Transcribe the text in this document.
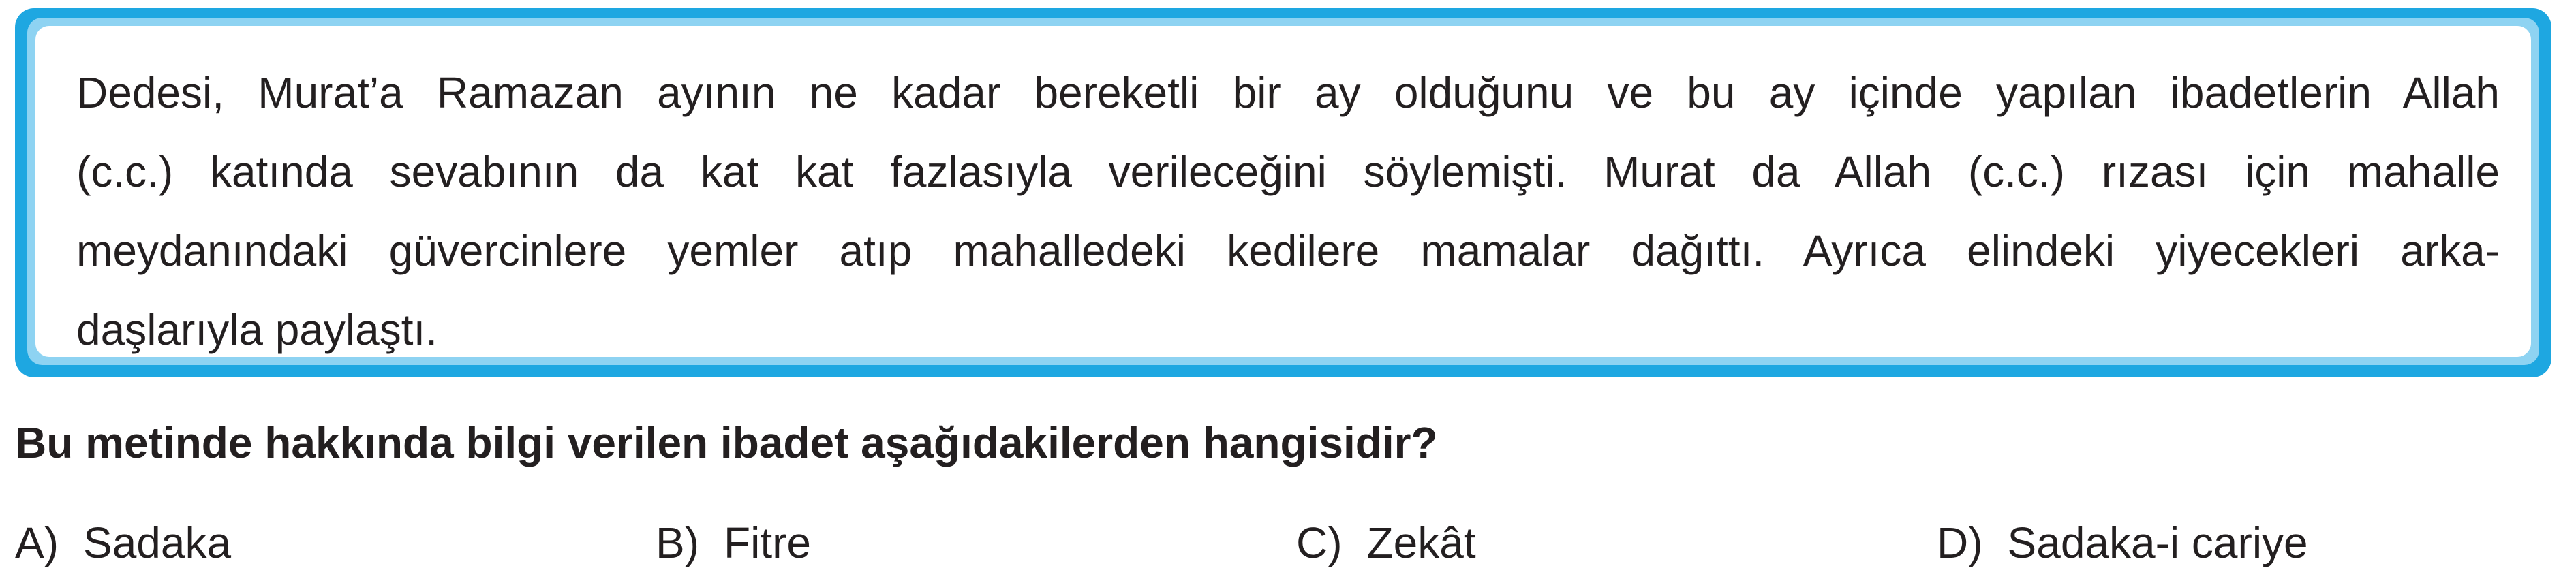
Dedesi, Murat’a Ramazan ayının ne kadar bereketli bir ay olduğunu ve bu ay içinde yapılan ibadetlerin Allah
(c.c.) katında sevabının da kat kat fazlasıyla verileceğini söylemişti. Murat da Allah (c.c.) rızası için mahalle
meydanındaki güvercinlere yemler atıp mahalledeki kedilere mamalar dağıttı. Ayrıca elindeki yiyecekleri arka-
daşlarıyla paylaştı.
Bu metinde hakkında bilgi verilen ibadet aşağıdakilerden hangisidir?
A) Sadaka	B) Fitre	C) Zekât	D) Sadaka-i cariye
